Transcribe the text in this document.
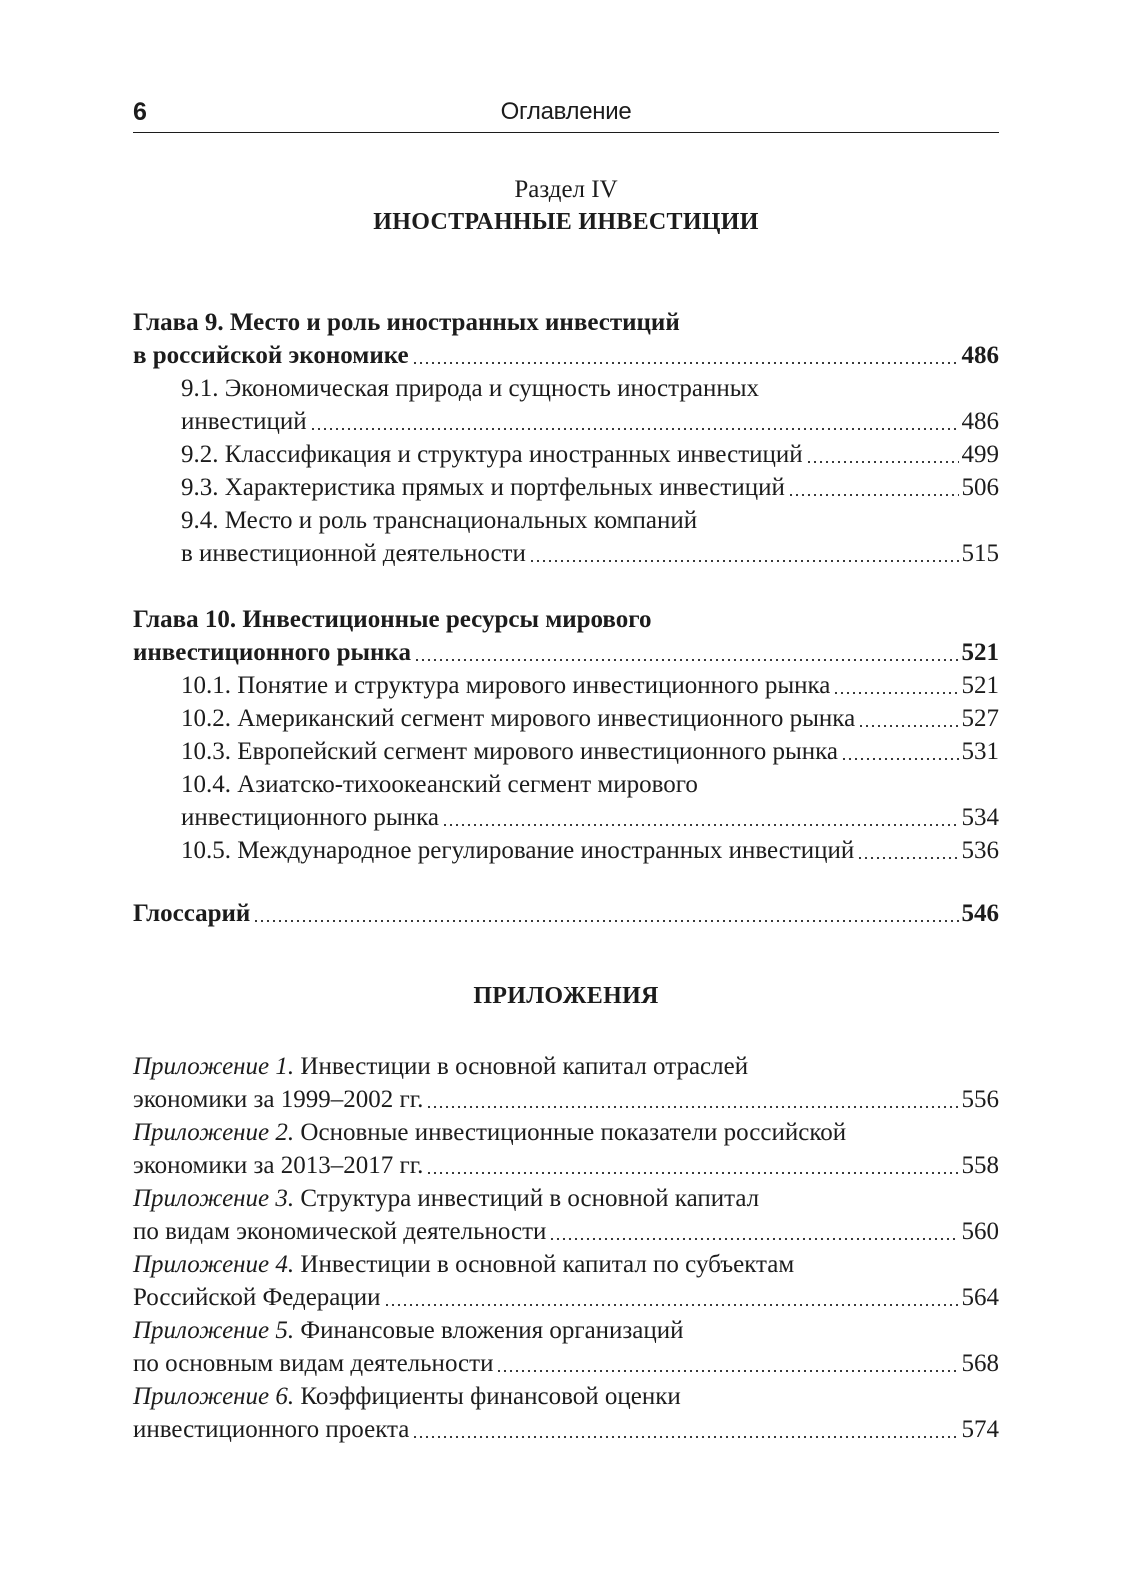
6	Оглавление
Раздел IV
ИНОСТРАННЫЕ ИНВЕСТИЦИИ
Глава 9. Место и роль иностранных инвестиций
в российской экономике	486
9.1. Экономическая природа и сущность иностранных
инвестиций	486
9.2. Классификация и структура иностранных инвестиций	499
9.3. Характеристика прямых и портфельных инвестиций	506
9.4. Место и роль транснациональных компаний
в инвестиционной деятельности	515
Глава 10. Инвестиционные ресурсы мирового
инвестиционного рынка	521
10.1. Понятие и структура мирового инвестиционного рынка	521
10.2. Американский сегмент мирового инвестиционного рынка	527
10.3. Европейский сегмент мирового инвестиционного рынка	531
10.4. Азиатско-тихоокеанский сегмент мирового
инвестиционного рынка	534
10.5. Международное регулирование иностранных инвестиций	536
Глоссарий	546
ПРИЛОЖЕНИЯ
Приложение 1. Инвестиции в основной капитал отраслей
экономики за 1999–2002 гг.	556
Приложение 2. Основные инвестиционные показатели российской
экономики за 2013–2017 гг.	558
Приложение 3. Структура инвестиций в основной капитал
по видам экономической деятельности	560
Приложение 4. Инвестиции в основной капитал по субъектам
Российской Федерации	564
Приложение 5. Финансовые вложения организаций
по основным видам деятельности	568
Приложение 6. Коэффициенты финансовой оценки
инвестиционного проекта	574
